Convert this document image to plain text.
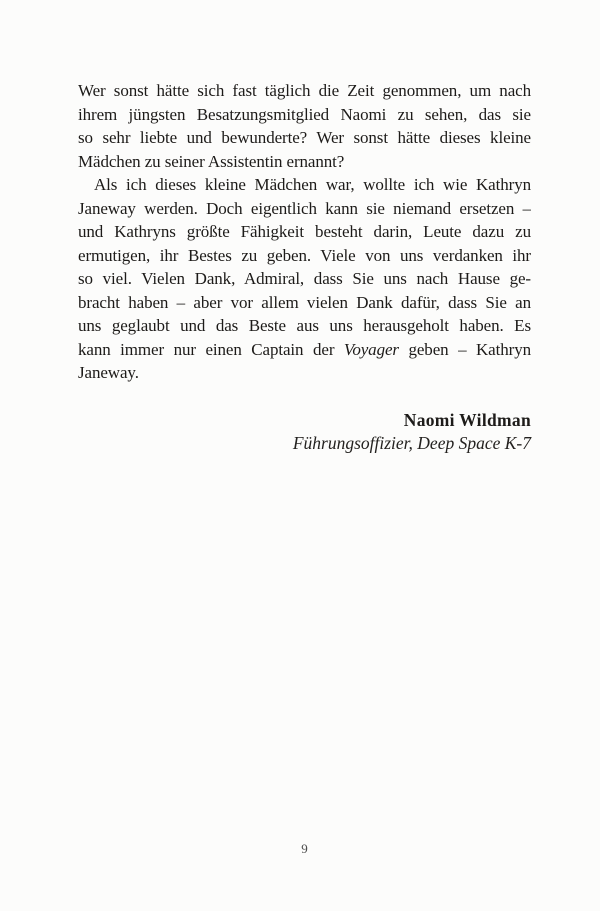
Wer sonst hätte sich fast täglich die Zeit genommen, um nach
ihrem jüngsten Besatzungsmitglied Naomi zu sehen, das sie
so sehr liebte und bewunderte? Wer sonst hätte dieses kleine
Mädchen zu seiner Assistentin ernannt?
Als ich dieses kleine Mädchen war, wollte ich wie Kathryn
Janeway werden. Doch eigentlich kann sie niemand ersetzen –
und Kathryns größte Fähigkeit besteht darin, Leute dazu zu
ermutigen, ihr Bestes zu geben. Viele von uns verdanken ihr
so viel. Vielen Dank, Admiral, dass Sie uns nach Hause ge-
bracht haben – aber vor allem vielen Dank dafür, dass Sie an
uns geglaubt und das Beste aus uns herausgeholt haben. Es
kann immer nur einen Captain der Voyager geben – Kathryn
Janeway.
Naomi Wildman
Führungsoffizier, Deep Space K-7
9
